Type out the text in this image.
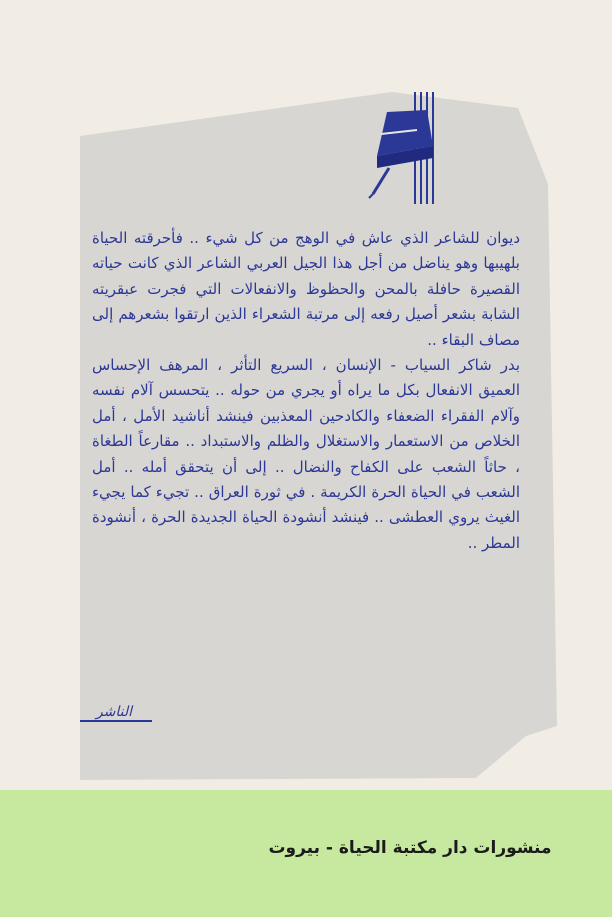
ديوان للشاعر الذي عاش في الوهج من كل شيء .. فأحرقته الحياة بلهيبها وهو يناضل من أجل هذا الجيل العربي الشاعر الذي كانت حياته القصيرة حافلة بالمحن والحظوظ والانفعالات التي فجرت عبقريته الشابة بشعر أصيل رفعه إلى مرتبة الشعراء الذين ارتقوا بشعرهم إلى مصاف البقاء ..

بدر شاكر السياب - الإنسان ، السريع التأثر ، المرهف الإحساس العميق الانفعال بكل ما يراه أو يجري من حوله .. يتحسس آلام نفسه وآلام الفقراء الضعفاء والكادحين المعذبين فينشد أناشيد الأمل ، أمل الخلاص من الاستعمار والاستغلال والظلم والاستبداد .. مقارعاً الطغاة ، حاثاً الشعب على الكفاح والنضال .. إلى أن يتحقق أمله .. أمل الشعب في الحياة الحرة الكريمة . في ثورة العراق .. تجيء كما يجيء الغيث يروي العطشى .. فينشد أنشودة الحياة الجديدة الحرة ، أنشودة المطر ..

الناشر
منشورات دار مكتبة الحياة - بيروت
